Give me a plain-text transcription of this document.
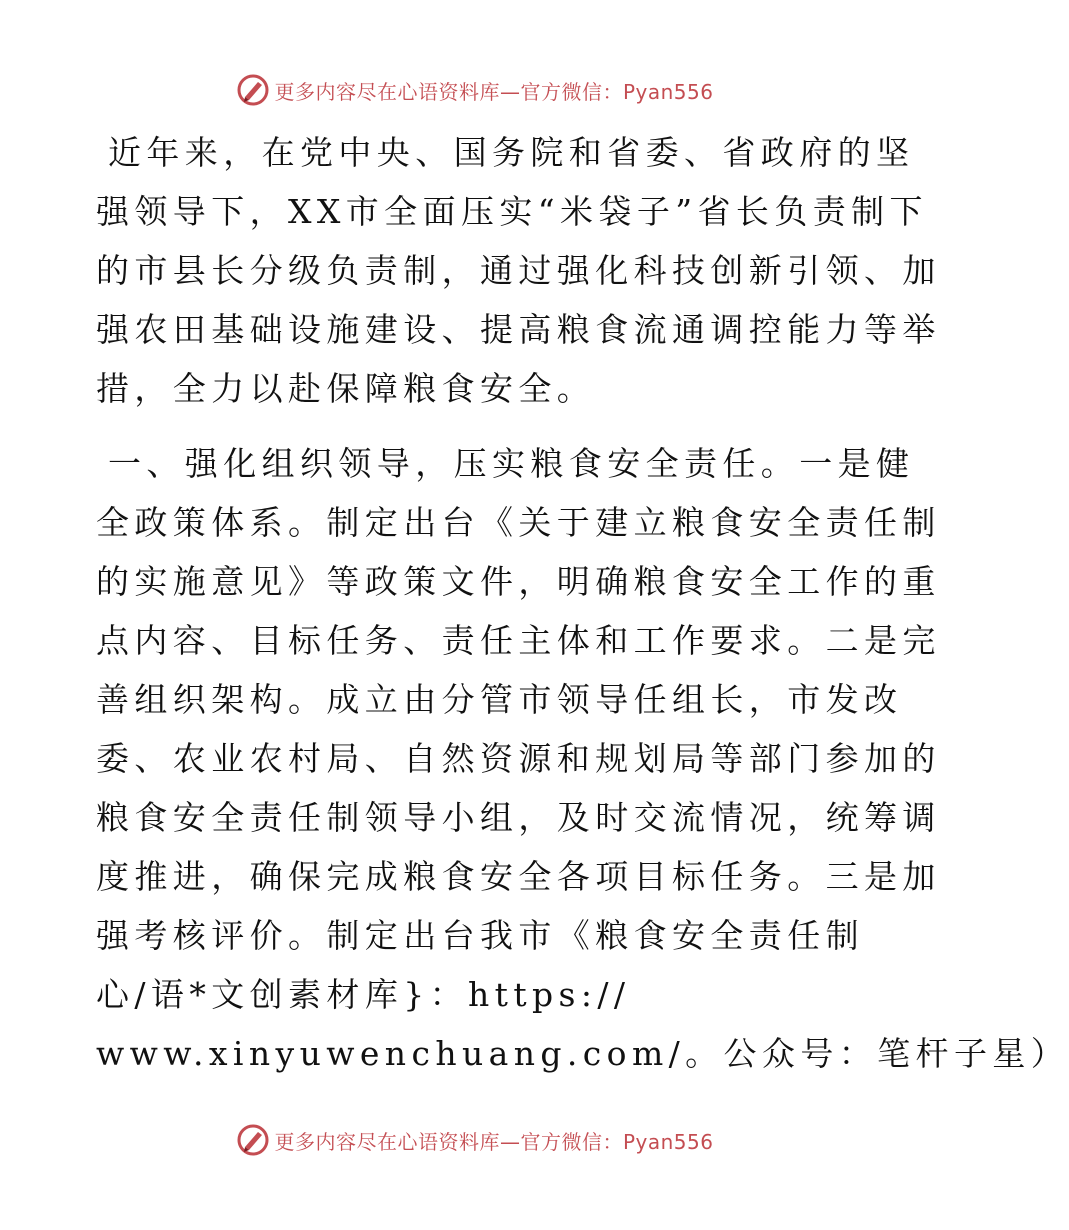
更多内容尽在心语资料库—官方微信：Pyan556
近年来，在党中央、国务院和省委、省政府的坚
强领导下，XX市全面压实“米袋子”省长负责制下
的市县长分级负责制，通过强化科技创新引领、加
强农田基础设施建设、提高粮食流通调控能力等举
措，全力以赴保障粮食安全。
一、强化组织领导，压实粮食安全责任。一是健
全政策体系。制定出台《关于建立粮食安全责任制
的实施意见》等政策文件，明确粮食安全工作的重
点内容、目标任务、责任主体和工作要求。二是完
善组织架构。成立由分管市领导任组长，市发改
委、农业农村局、自然资源和规划局等部门参加的
粮食安全责任制领导小组，及时交流情况，统筹调
度推进，确保完成粮食安全各项目标任务。三是加
强考核评价。制定出台我市《粮食安全责任制
心/语*文创素材库}：https://
www.xinyuwenchuang.com/。公众号：笔杆子星）
更多内容尽在心语资料库—官方微信：Pyan556
